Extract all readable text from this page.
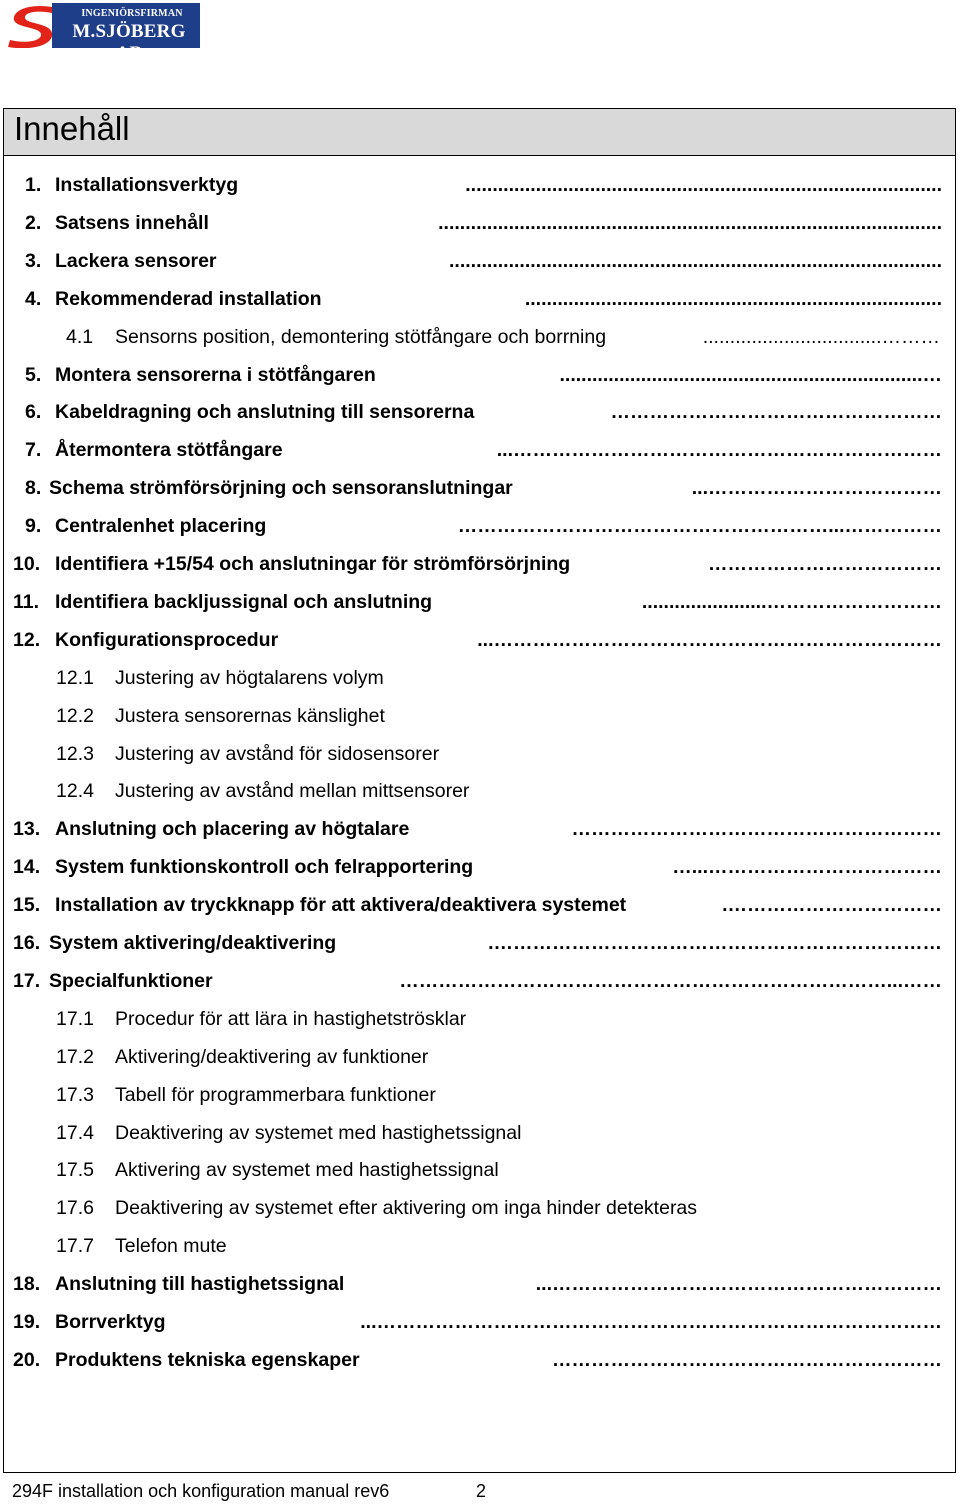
INGENIÖRSFIRMAN
M.SJÖBERG AB
Innehåll
1. Installationsverktyg	........................................................................................
2. Satsens innehåll	.............................................................................................
3. Lackera sensorer	...........................................................................................
4. Rekommenderad installation	.............................................................................
4.1 Sensorns position, demontering stötfångare och borrning	……….................................
5. Montera sensorerna i stötfångaren	…...................................................................
6. Kabeldragning och anslutning till sensorerna	……………………………………………
7. Återmontera stötfångare	…………………………………………………………...
8. Schema strömförsörjning och sensoranslutningar	………………………………...
9. Centralenhet placering	……………...…………………………………………………
10. Identifiera +15/54 och anslutningar för strömförsörjning	………………………………
11. Identifiera backljussignal och anslutning	……………………….......................
12. Konfigurationsprocedur	……………………………………………………………...
12.1 Justering av högtalarens volym
12.2 Justera sensorernas känslighet
12.3 Justering av avstånd för sidosensorer
12.4 Justering av avstånd mellan mittsensorer
13. Anslutning och placering av högtalare	…………………………………………………
14. System funktionskontroll och felrapportering	………………………………...…
15. Installation av tryckknapp för att aktivera/deaktivera systemet	…………………………….
16. System aktivering/deaktivering	…………………………………………………………….
17. Specialfunktioner	……...…………………………………………………………………
17.1 Procedur för att lära in hastighetströsklar
17.2 Aktivering/deaktivering av funktioner
17.3 Tabell för programmerbara funktioner
17.4 Deaktivering av systemet med hastighetssignal
17.5 Aktivering av systemet med hastighetssignal
17.6 Deaktivering av systemet efter aktivering om inga hinder detekteras
17.7 Telefon mute
18. Anslutning till hastighetssignal	……………………………………………………...
19. Borrverktyg	……………………………………………………………………………...
20. Produktens tekniska egenskaper	……………………………………………………
294F installation och konfiguration manual rev6	2
